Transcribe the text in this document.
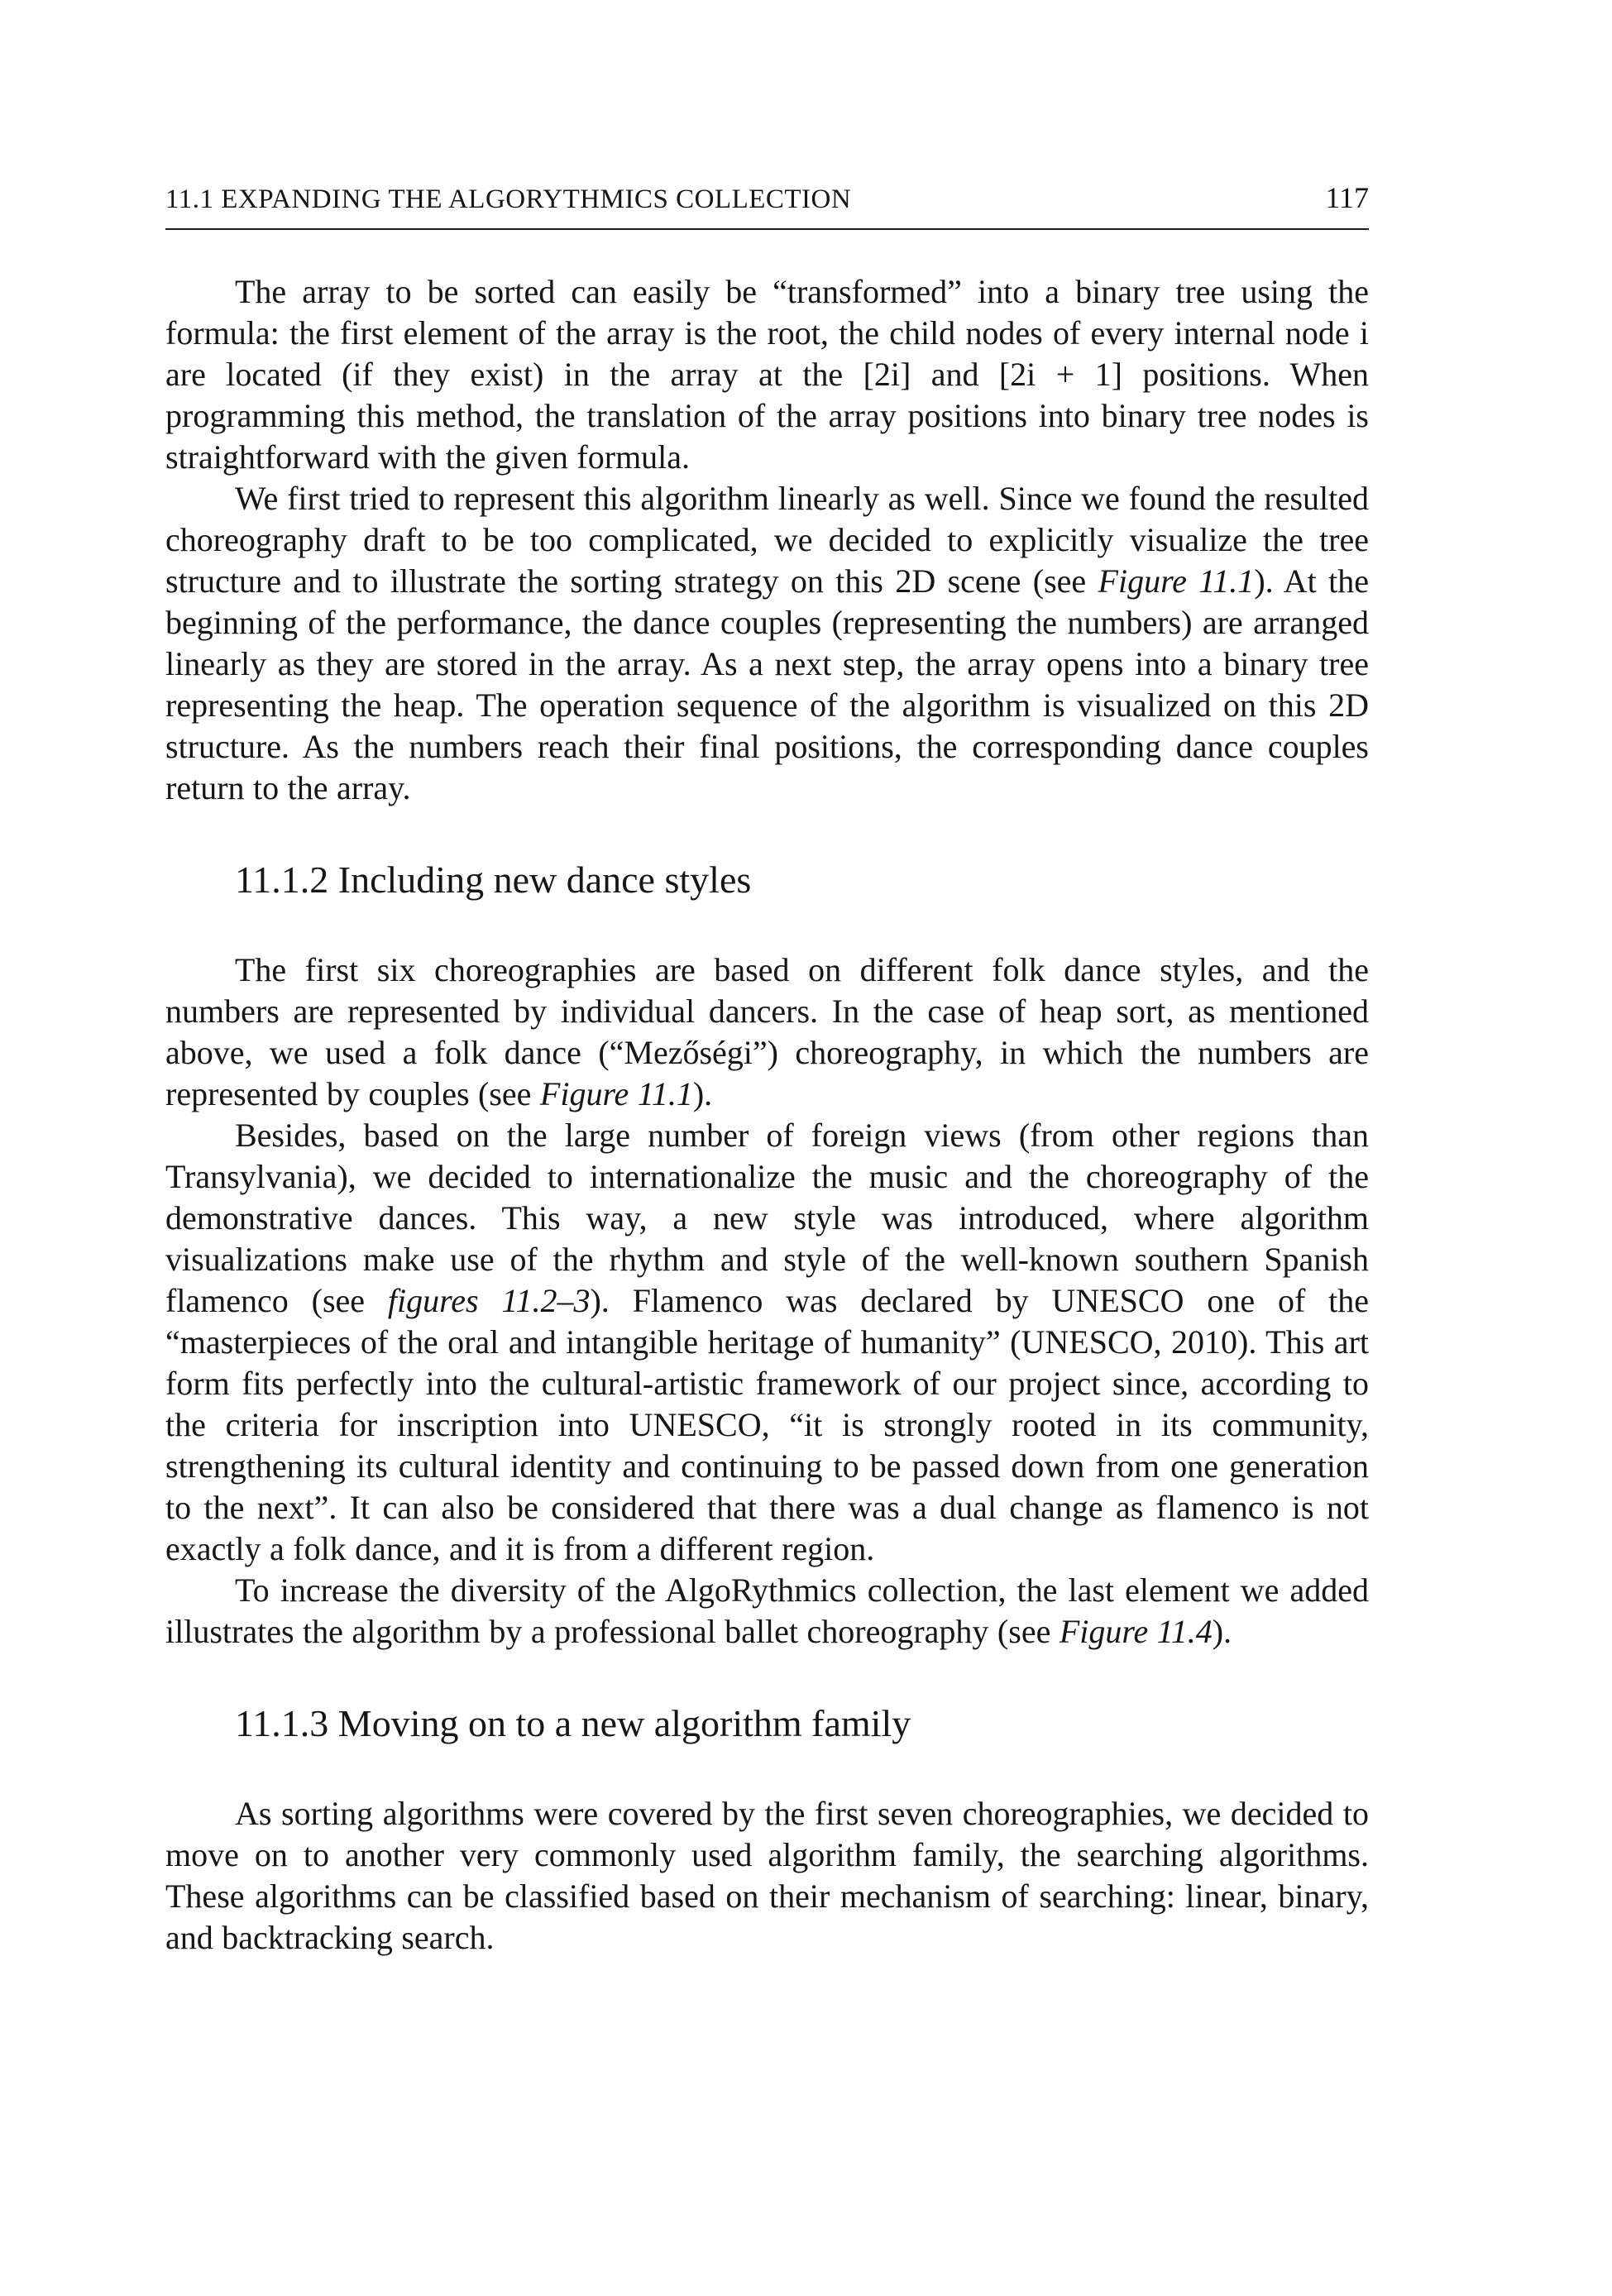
11.1 EXPANDING THE ALGORYTHMICS COLLECTION	117

The array to be sorted can easily be “transformed” into a binary tree using the formula: the first element of the array is the root, the child nodes of every internal node i are located (if they exist) in the array at the [2i] and [2i + 1] positions. When programming this method, the translation of the array positions into binary tree nodes is straightforward with the given formula.

We first tried to represent this algorithm linearly as well. Since we found the resulted choreography draft to be too complicated, we decided to explicitly visualize the tree structure and to illustrate the sorting strategy on this 2D scene (see Figure 11.1). At the beginning of the performance, the dance couples (representing the numbers) are arranged linearly as they are stored in the array. As a next step, the array opens into a binary tree representing the heap. The operation sequence of the algorithm is visualized on this 2D structure. As the numbers reach their final positions, the corresponding dance couples return to the array.

11.1.2 Including new dance styles

The first six choreographies are based on different folk dance styles, and the numbers are represented by individual dancers. In the case of heap sort, as mentioned above, we used a folk dance (“Mezőségi”) choreography, in which the numbers are represented by couples (see Figure 11.1).

Besides, based on the large number of foreign views (from other regions than Transylvania), we decided to internationalize the music and the choreography of the demonstrative dances. This way, a new style was introduced, where algorithm visualizations make use of the rhythm and style of the well-known southern Spanish flamenco (see figures 11.2–3). Flamenco was declared by UNESCO one of the “masterpieces of the oral and intangible heritage of humanity” (UNESCO, 2010). This art form fits perfectly into the cultural-artistic framework of our project since, according to the criteria for inscription into UNESCO, “it is strongly rooted in its community, strengthening its cultural identity and continuing to be passed down from one generation to the next”. It can also be considered that there was a dual change as flamenco is not exactly a folk dance, and it is from a different region.

To increase the diversity of the AlgoRythmics collection, the last element we added illustrates the algorithm by a professional ballet choreography (see Figure 11.4).

11.1.3 Moving on to a new algorithm family

As sorting algorithms were covered by the first seven choreographies, we decided to move on to another very commonly used algorithm family, the searching algorithms. These algorithms can be classified based on their mechanism of searching: linear, binary, and backtracking search.
